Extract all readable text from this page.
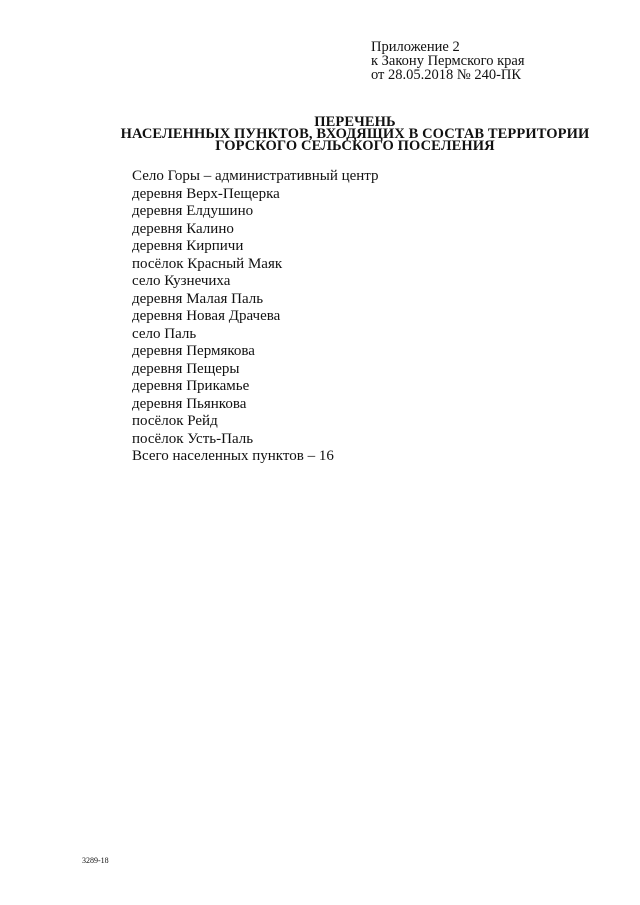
Приложение 2
к Закону Пермского края
от 28.05.2018 № 240-ПК
ПЕРЕЧЕНЬ
НАСЕЛЕННЫХ ПУНКТОВ, ВХОДЯЩИХ В СОСТАВ ТЕРРИТОРИИ
ГОРСКОГО СЕЛЬСКОГО ПОСЕЛЕНИЯ
Село Горы – административный центр
деревня Верх-Пещерка
деревня Елдушино
деревня Калино
деревня Кирпичи
посёлок Красный Маяк
село Кузнечиха
деревня Малая Паль
деревня Новая Драчева
село Паль
деревня Пермякова
деревня Пещеры
деревня Прикамье
деревня Пьянкова
посёлок Рейд
посёлок Усть-Паль
Всего населенных пунктов – 16
3289-18
